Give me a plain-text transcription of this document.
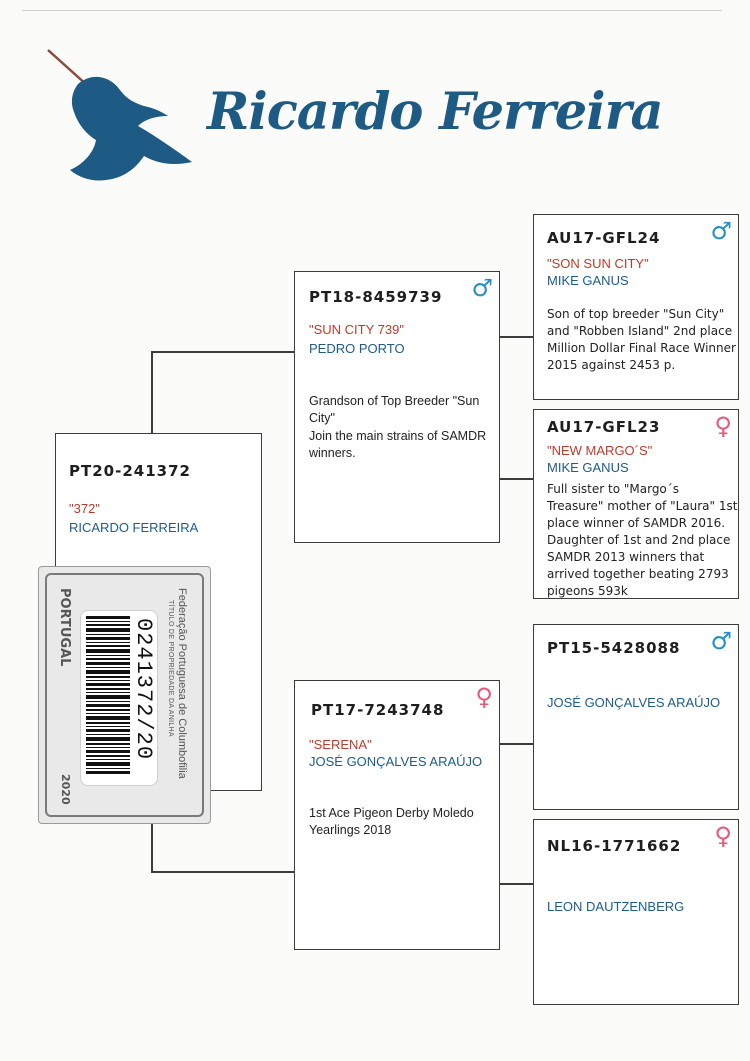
Ricardo Ferreira
PT20-241372
"372"
RICARDO FERREIRA
PT18-8459739 ♂
"SUN CITY 739"
PEDRO PORTO
Grandson of Top Breeder "Sun City"
Join the main strains of SAMDR winners.
PT17-7243748 ♀
"SERENA"
JOSÉ GONÇALVES ARAÚJO
1st Ace Pigeon Derby Moledo Yearlings 2018
AU17-GFL24 ♂
"SON SUN CITY"
MIKE GANUS
Son of top breeder "Sun City" and "Robben Island" 2nd place Million Dollar Final Race Winner 2015 against 2453 p.
AU17-GFL23 ♀
"NEW MARGO´S"
MIKE GANUS
Full sister to "Margo´s Treasure" mother of "Laura" 1st place winner of SAMDR 2016. Daughter of 1st and 2nd place SAMDR 2013 winners that arrived together beating 2793 pigeons 593k
PT15-5428088 ♂
JOSÉ GONÇALVES ARAÚJO
NL16-1771662 ♀
LEON DAUTZENBERG
Federação Portuguesa de Columbofilia
TÍTULO DE PROPRIEDADE DA ANILHA
0241372/20
PORTUGAL
2020
